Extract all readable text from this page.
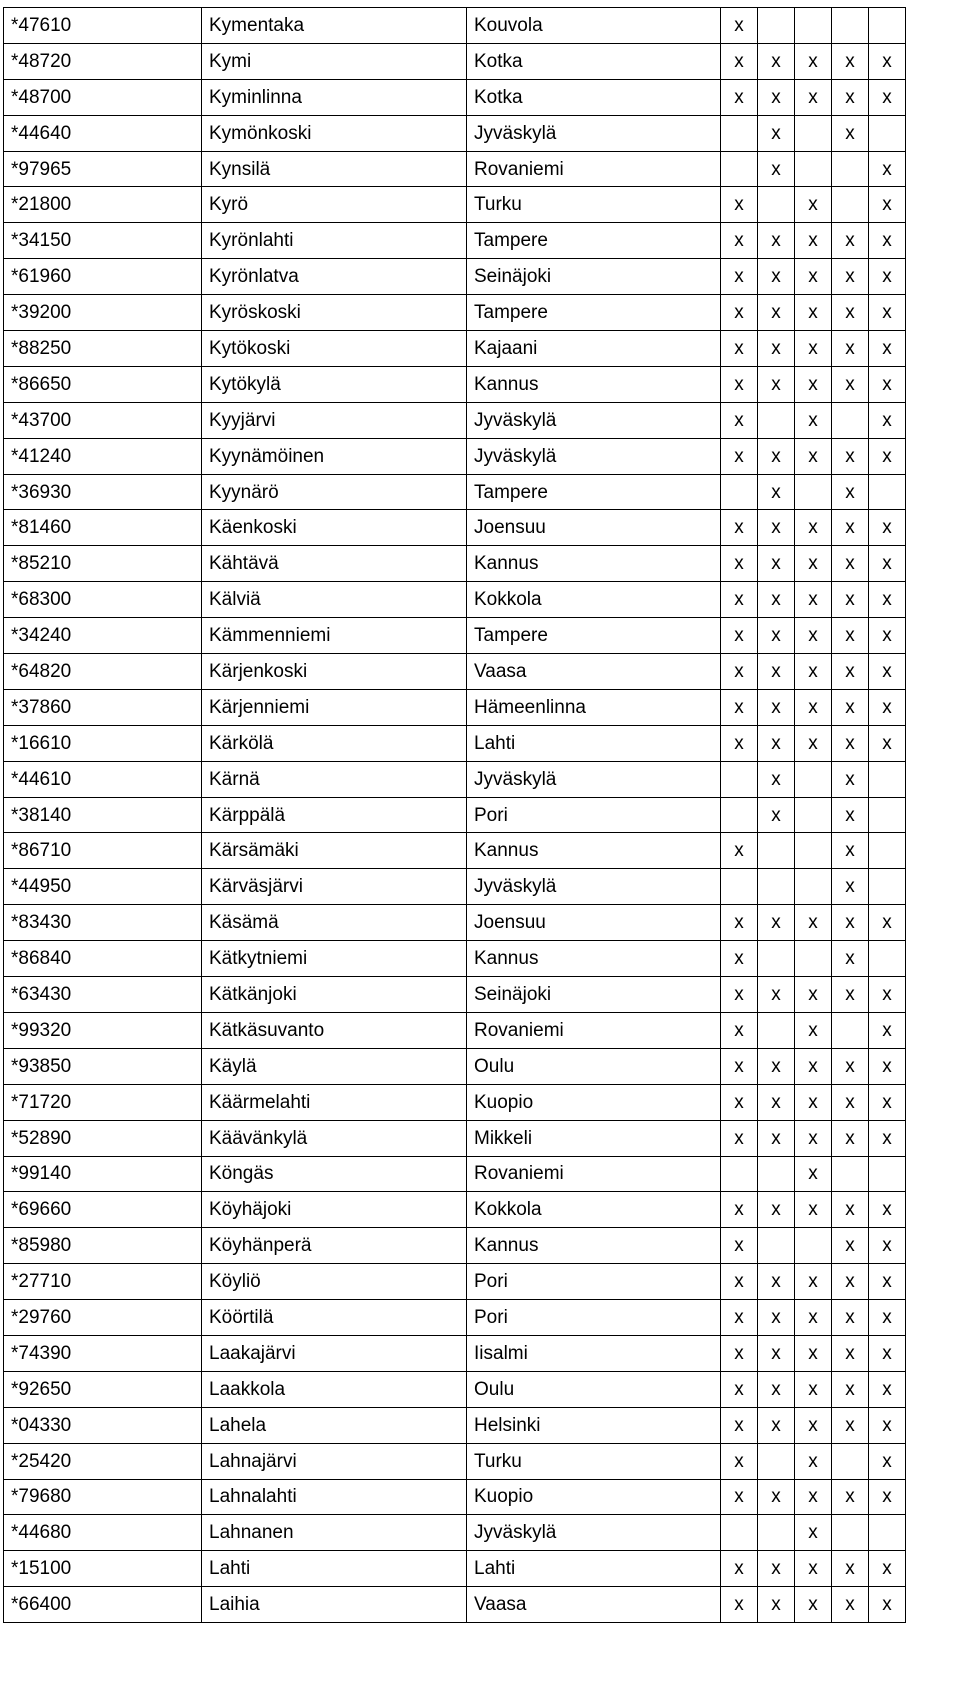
*47610	Kymentaka	Kouvola	x				
*48720	Kymi	Kotka	x	x	x	x	x
*48700	Kyminlinna	Kotka	x	x	x	x	x
*44640	Kymönkoski	Jyväskylä		x		x	
*97965	Kynsilä	Rovaniemi		x			x
*21800	Kyrö	Turku	x		x		x
*34150	Kyrönlahti	Tampere	x	x	x	x	x
*61960	Kyrönlatva	Seinäjoki	x	x	x	x	x
*39200	Kyröskoski	Tampere	x	x	x	x	x
*88250	Kytökoski	Kajaani	x	x	x	x	x
*86650	Kytökylä	Kannus	x	x	x	x	x
*43700	Kyyjärvi	Jyväskylä	x		x		x
*41240	Kyynämöinen	Jyväskylä	x	x	x	x	x
*36930	Kyynärö	Tampere		x		x	
*81460	Käenkoski	Joensuu	x	x	x	x	x
*85210	Kähtävä	Kannus	x	x	x	x	x
*68300	Kälviä	Kokkola	x	x	x	x	x
*34240	Kämmenniemi	Tampere	x	x	x	x	x
*64820	Kärjenkoski	Vaasa	x	x	x	x	x
*37860	Kärjenniemi	Hämeenlinna	x	x	x	x	x
*16610	Kärkölä	Lahti	x	x	x	x	x
*44610	Kärnä	Jyväskylä		x		x	
*38140	Kärppälä	Pori		x		x	
*86710	Kärsämäki	Kannus	x			x	
*44950	Kärväsjärvi	Jyväskylä				x	
*83430	Käsämä	Joensuu	x	x	x	x	x
*86840	Kätkytniemi	Kannus	x			x	
*63430	Kätkänjoki	Seinäjoki	x	x	x	x	x
*99320	Kätkäsuvanto	Rovaniemi	x		x		x
*93850	Käylä	Oulu	x	x	x	x	x
*71720	Käärmelahti	Kuopio	x	x	x	x	x
*52890	Käävänkylä	Mikkeli	x	x	x	x	x
*99140	Köngäs	Rovaniemi			x		
*69660	Köyhäjoki	Kokkola	x	x	x	x	x
*85980	Köyhänperä	Kannus	x			x	x
*27710	Köyliö	Pori	x	x	x	x	x
*29760	Köörtilä	Pori	x	x	x	x	x
*74390	Laakajärvi	Iisalmi	x	x	x	x	x
*92650	Laakkola	Oulu	x	x	x	x	x
*04330	Lahela	Helsinki	x	x	x	x	x
*25420	Lahnajärvi	Turku	x		x		x
*79680	Lahnalahti	Kuopio	x	x	x	x	x
*44680	Lahnanen	Jyväskylä			x		
*15100	Lahti	Lahti	x	x	x	x	x
*66400	Laihia	Vaasa	x	x	x	x	x
